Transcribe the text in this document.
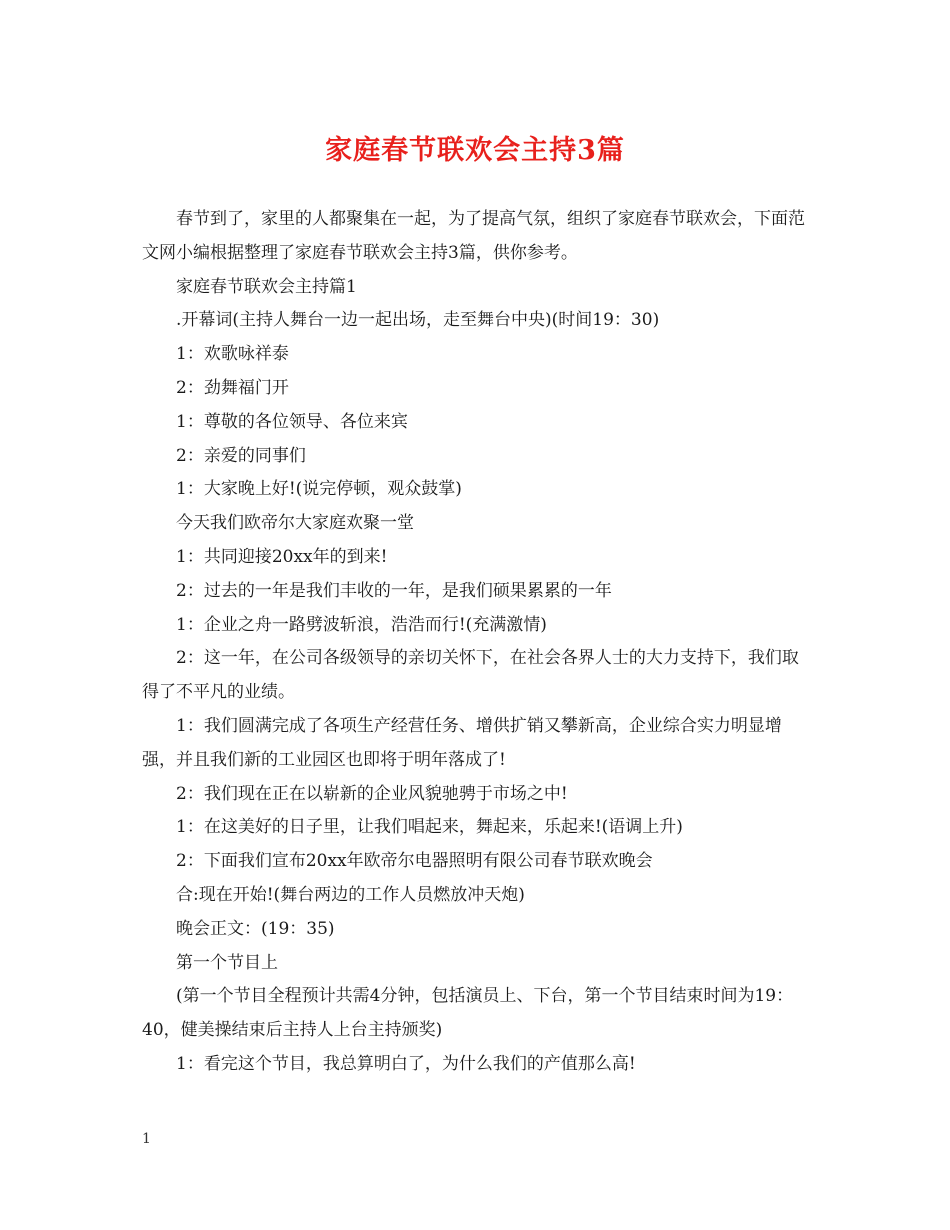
家庭春节联欢会主持3篇

春节到了，家里的人都聚集在一起，为了提高气氛，组织了家庭春节联欢会，下面范文网小编根据整理了家庭春节联欢会主持3篇，供你参考。

家庭春节联欢会主持篇1

.开幕词(主持人舞台一边一起出场，走至舞台中央)(时间19：30)

1：欢歌咏祥泰

2：劲舞福门开

1：尊敬的各位领导、各位来宾

2：亲爱的同事们

1：大家晚上好!(说完停顿，观众鼓掌)

今天我们欧帝尔大家庭欢聚一堂

1：共同迎接20xx年的到来!

2：过去的一年是我们丰收的一年，是我们硕果累累的一年

1：企业之舟一路劈波斩浪，浩浩而行!(充满激情)

2：这一年，在公司各级领导的亲切关怀下，在社会各界人士的大力支持下，我们取得了不平凡的业绩。

1：我们圆满完成了各项生产经营任务、增供扩销又攀新高，企业综合实力明显增强，并且我们新的工业园区也即将于明年落成了!

2：我们现在正在以崭新的企业风貌驰骋于市场之中!

1：在这美好的日子里，让我们唱起来，舞起来，乐起来!(语调上升)

2：下面我们宣布20xx年欧帝尔电器照明有限公司春节联欢晚会

合:现在开始!(舞台两边的工作人员燃放冲天炮)

晚会正文：(19：35)

第一个节目上

(第一个节目全程预计共需4分钟，包括演员上、下台，第一个节目结束时间为19：40，健美操结束后主持人上台主持颁奖)

1：看完这个节目，我总算明白了，为什么我们的产值那么高!

1
